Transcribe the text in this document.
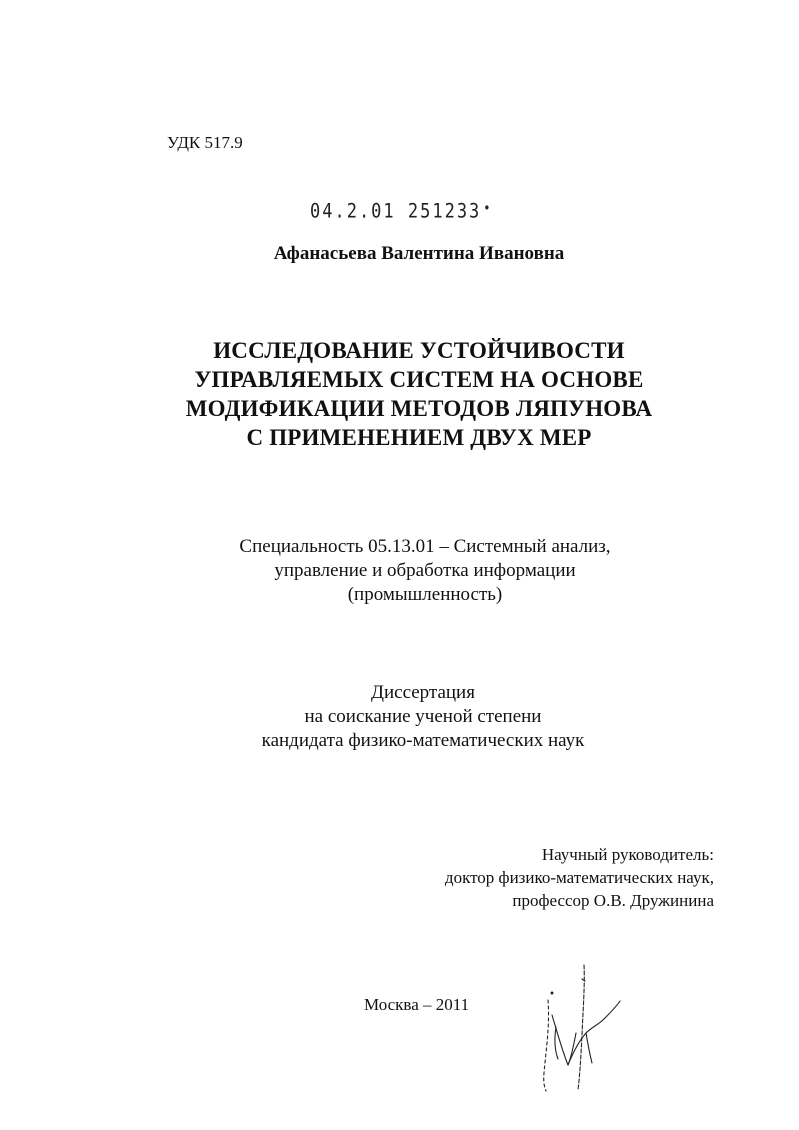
УДК 517.9
04.2.01 251233 •
Афанасьева Валентина Ивановна
ИССЛЕДОВАНИЕ УСТОЙЧИВОСТИ
УПРАВЛЯЕМЫХ СИСТЕМ НА ОСНОВЕ
МОДИФИКАЦИИ МЕТОДОВ ЛЯПУНОВА
С ПРИМЕНЕНИЕМ ДВУХ МЕР
Специальность 05.13.01 – Системный анализ,
управление и обработка информации
(промышленность)
Диссертация
на соискание ученой степени
кандидата физико-математических наук
Научный руководитель:
доктор физико-математических наук,
профессор О.В. Дружинина
Москва – 2011
